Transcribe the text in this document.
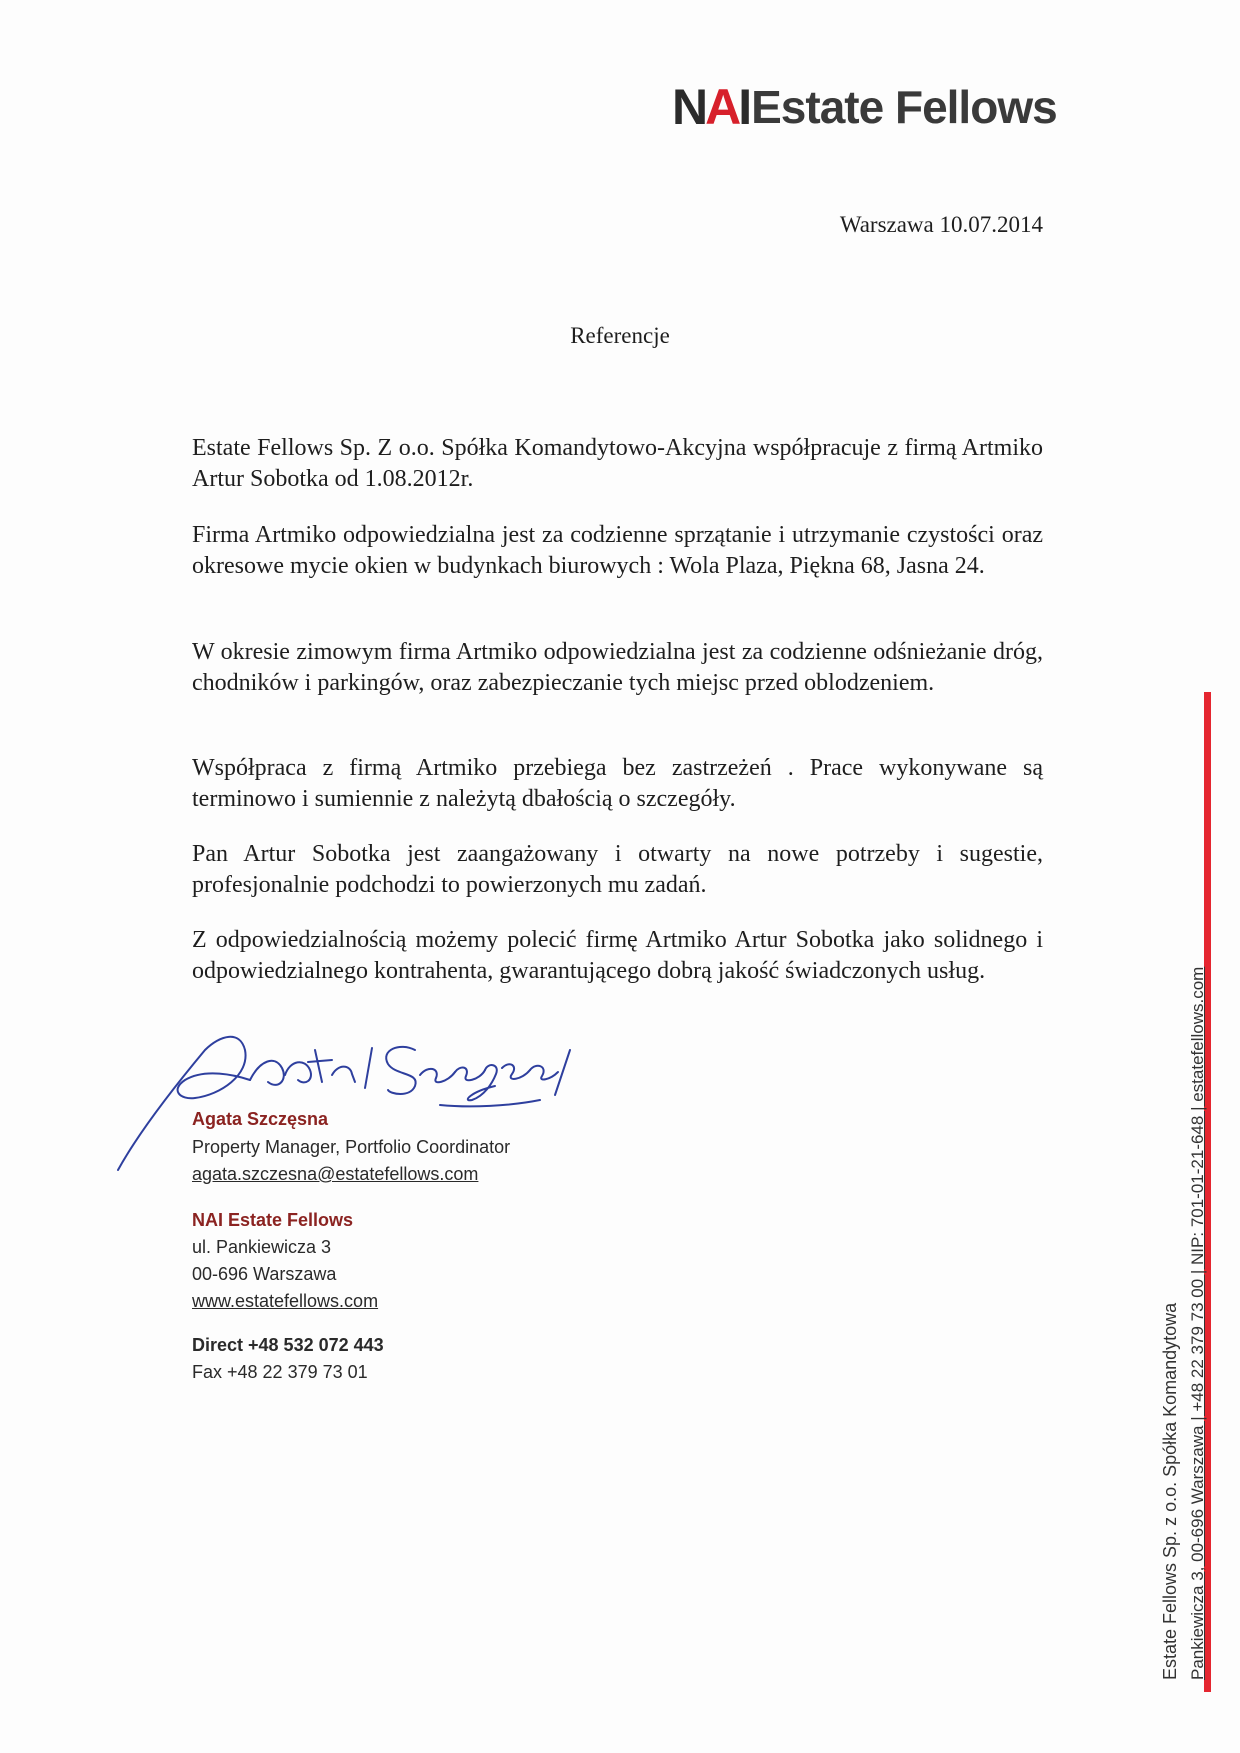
N A I Estate Fellows
Warszawa 10.07.2014
Referencje
Estate Fellows Sp. Z o.o. Spółka Komandytowo-Akcyjna współpracuje z firmą Artmiko Artur Sobotka od 1.08.2012r.
Firma Artmiko odpowiedzialna jest za codzienne sprzątanie i utrzymanie czystości oraz okresowe mycie okien w budynkach biurowych : Wola Plaza, Piękna 68, Jasna 24.
W okresie zimowym firma Artmiko odpowiedzialna jest za codzienne odśnieżanie dróg, chodników i parkingów, oraz zabezpieczanie tych miejsc przed oblodzeniem.
Współpraca z firmą Artmiko przebiega bez zastrzeżeń . Prace wykonywane są terminowo i sumiennie z należytą dbałością o szczegóły.
Pan Artur Sobotka jest zaangażowany i otwarty na nowe potrzeby i sugestie, profesjonalnie podchodzi to powierzonych mu zadań.
Z odpowiedzialnością możemy polecić firmę Artmiko Artur Sobotka jako solidnego i odpowiedzialnego kontrahenta, gwarantującego dobrą jakość świadczonych usług.
Agata Szczęsna
Agata Szczęsna
Property Manager, Portfolio Coordinator
agata.szczesna@estatefellows.com
NAI Estate Fellows
ul. Pankiewicza 3
00-696 Warszawa
www.estatefellows.com
Direct +48 532 072 443
Fax +48 22 379 73 01	Estate Fellows Sp. z o.o. Spółka Komandytowa Pankiewicza 3, 00-696 Warszawa | +48 22 379 73 00 | NIP: 701-01-21-648 | estatefellows.com
